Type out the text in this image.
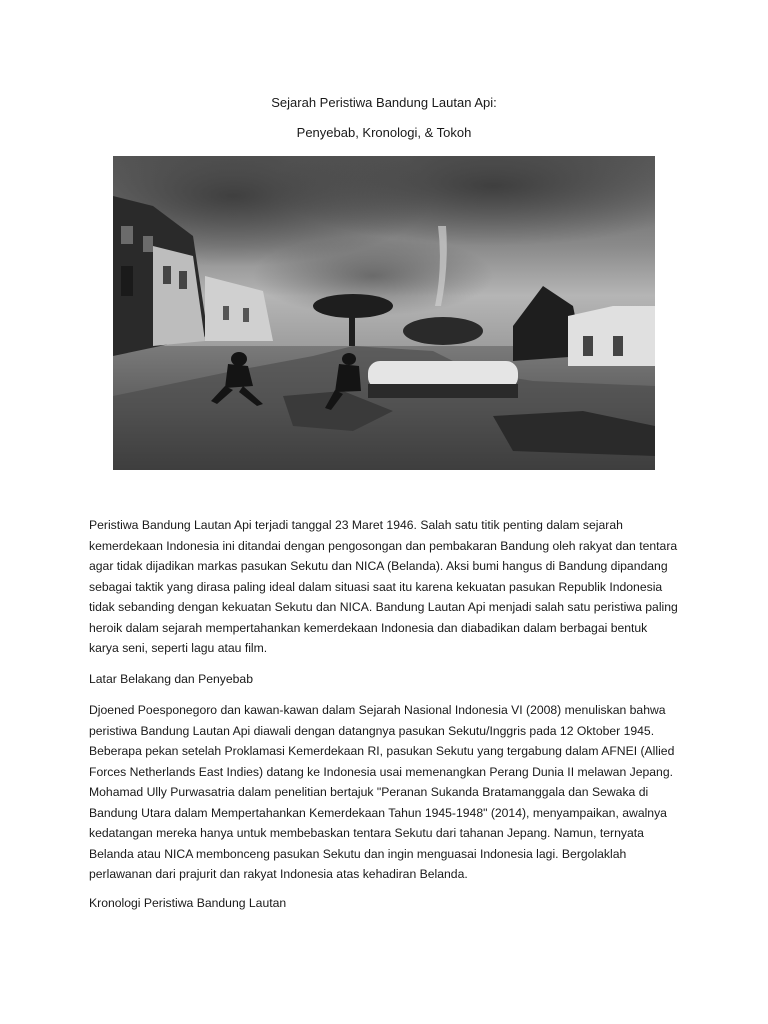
Sejarah Peristiwa Bandung Lautan Api:

Penyebab, Kronologi, & Tokoh

Peristiwa Bandung Lautan Api terjadi tanggal 23 Maret 1946. Salah satu titik penting dalam sejarah kemerdekaan Indonesia ini ditandai dengan pengosongan dan pembakaran Bandung oleh rakyat dan tentara agar tidak dijadikan markas pasukan Sekutu dan NICA (Belanda). Aksi bumi hangus di Bandung dipandang sebagai taktik yang dirasa paling ideal dalam situasi saat itu karena kekuatan pasukan Republik Indonesia tidak sebanding dengan kekuatan Sekutu dan NICA. Bandung Lautan Api menjadi salah satu peristiwa paling heroik dalam sejarah mempertahankan kemerdekaan Indonesia dan diabadikan dalam berbagai bentuk karya seni, seperti lagu atau film.

Latar Belakang dan Penyebab

Djoened Poesponegoro dan kawan-kawan dalam Sejarah Nasional Indonesia VI (2008) menuliskan bahwa peristiwa Bandung Lautan Api diawali dengan datangnya pasukan Sekutu/Inggris pada 12 Oktober 1945. Beberapa pekan setelah Proklamasi Kemerdekaan RI, pasukan Sekutu yang tergabung dalam AFNEI (Allied Forces Netherlands East Indies) datang ke Indonesia usai memenangkan Perang Dunia II melawan Jepang. Mohamad Ully Purwasatria dalam penelitian bertajuk "Peranan Sukanda Bratamanggala dan Sewaka di Bandung Utara dalam Mempertahankan Kemerdekaan Tahun 1945-1948" (2014), menyampaikan, awalnya kedatangan mereka hanya untuk membebaskan tentara Sekutu dari tahanan Jepang. Namun, ternyata Belanda atau NICA membonceng pasukan Sekutu dan ingin menguasai Indonesia lagi. Bergolaklah perlawanan dari prajurit dan rakyat Indonesia atas kehadiran Belanda.

Kronologi Peristiwa Bandung Lautan
